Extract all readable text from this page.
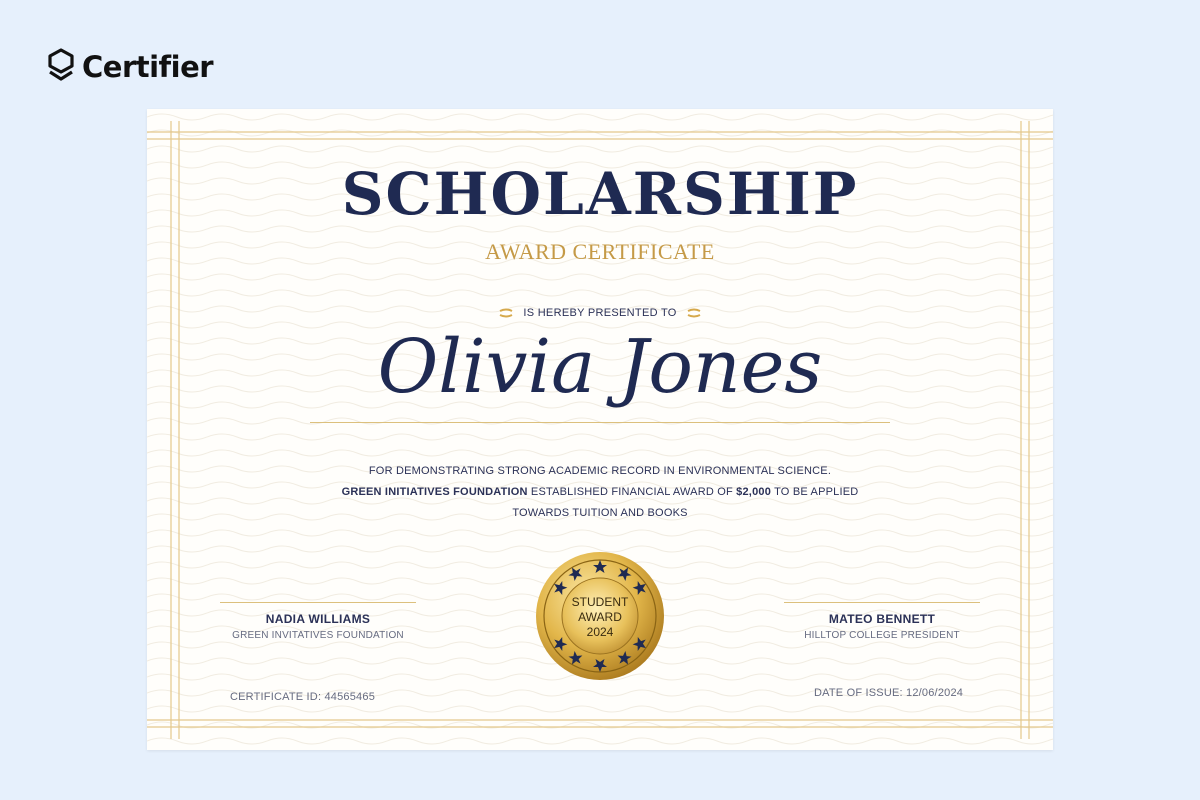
Certifier
SCHOLARSHIP
AWARD CERTIFICATE
IS HEREBY PRESENTED TO
Olivia Jones
FOR DEMONSTRATING STRONG ACADEMIC RECORD IN ENVIRONMENTAL SCIENCE.
GREEN INITIATIVES FOUNDATION ESTABLISHED FINANCIAL AWARD OF $2,000 TO BE APPLIED
TOWARDS TUITION AND BOOKS
STUDENT
AWARD
2024
NADIA WILLIAMS
GREEN INVITATIVES FOUNDATION
MATEO BENNETT
HILLTOP COLLEGE PRESIDENT
CERTIFICATE ID: 44565465	DATE OF ISSUE: 12/06/2024
